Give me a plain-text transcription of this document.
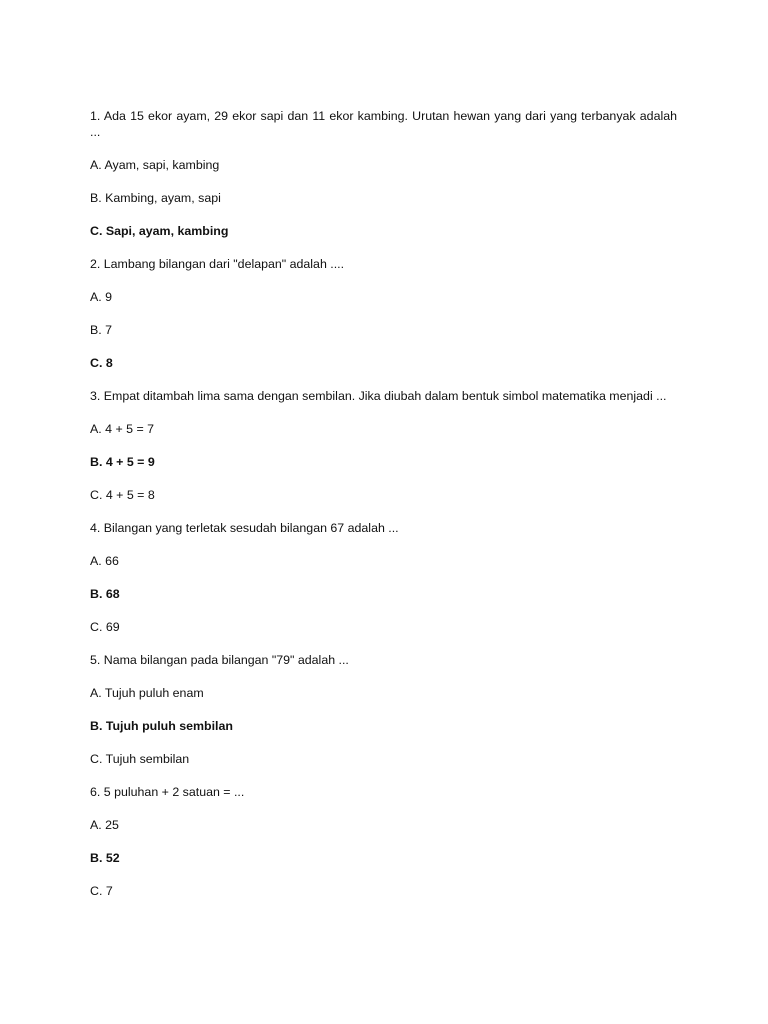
1. Ada 15 ekor ayam, 29 ekor sapi dan 11 ekor kambing. Urutan hewan yang dari yang terbanyak adalah ...

A. Ayam, sapi, kambing

B. Kambing, ayam, sapi

C. Sapi, ayam, kambing

2. Lambang bilangan dari "delapan" adalah ....

A. 9

B. 7

C. 8

3. Empat ditambah lima sama dengan sembilan. Jika diubah dalam bentuk simbol matematika menjadi ...

A. 4 + 5 = 7

B. 4 + 5 = 9

C. 4 + 5 = 8

4. Bilangan yang terletak sesudah bilangan 67 adalah ...

A. 66

B. 68

C. 69

5. Nama bilangan pada bilangan "79" adalah ...

A. Tujuh puluh enam

B. Tujuh puluh sembilan

C. Tujuh sembilan

6. 5 puluhan + 2 satuan = ...

A. 25

B. 52

C. 7
